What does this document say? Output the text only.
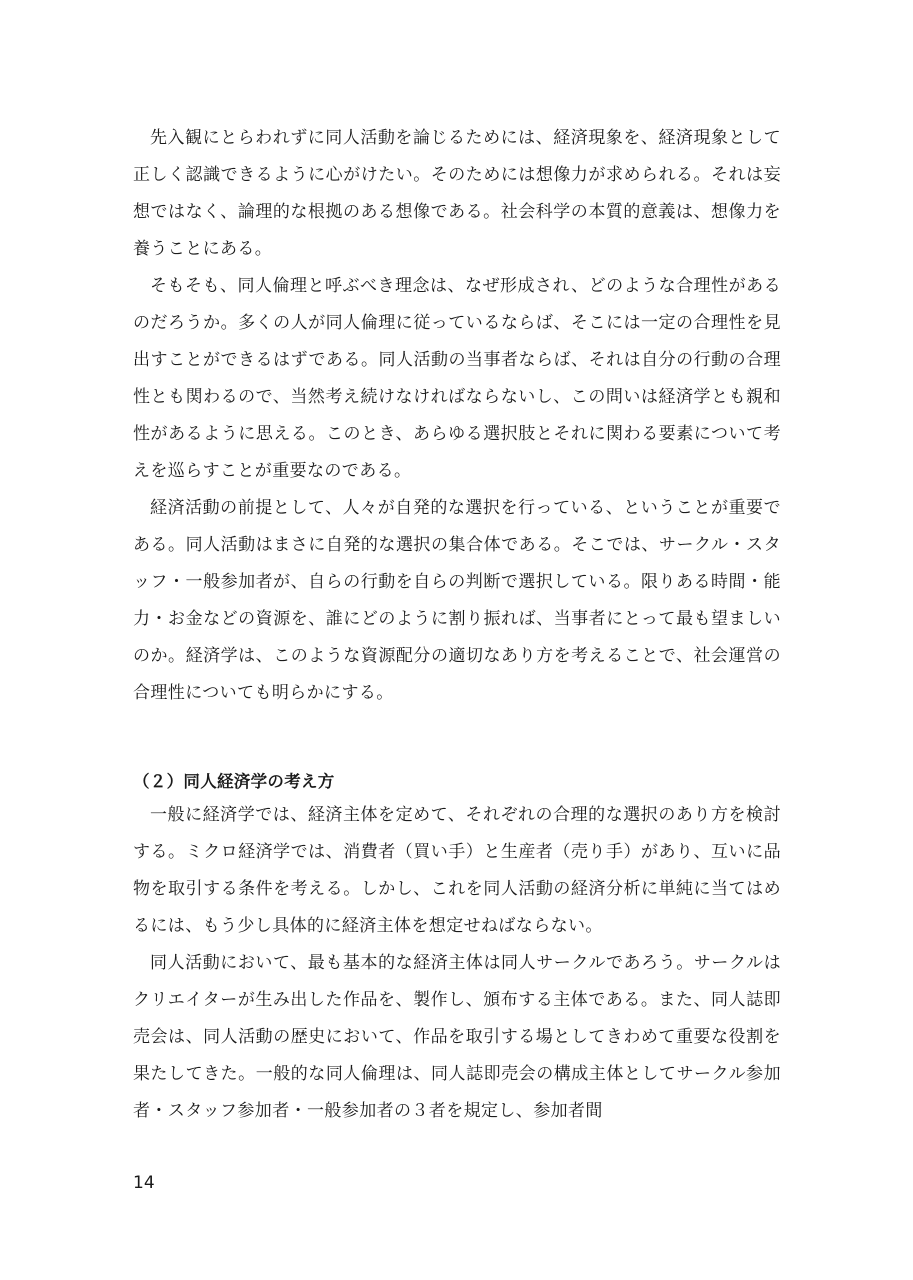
先入観にとらわれずに同人活動を論じるためには、経済現象を、経済現象として正しく認識できるように心がけたい。そのためには想像力が求められる。それは妄想ではなく、論理的な根拠のある想像である。社会科学の本質的意義は、想像力を養うことにある。

そもそも、同人倫理と呼ぶべき理念は、なぜ形成され、どのような合理性があるのだろうか。多くの人が同人倫理に従っているならば、そこには一定の合理性を見出すことができるはずである。同人活動の当事者ならば、それは自分の行動の合理性とも関わるので、当然考え続けなければならないし、この問いは経済学とも親和性があるように思える。このとき、あらゆる選択肢とそれに関わる要素について考えを巡らすことが重要なのである。

経済活動の前提として、人々が自発的な選択を行っている、ということが重要である。同人活動はまさに自発的な選択の集合体である。そこでは、サークル・スタッフ・一般参加者が、自らの行動を自らの判断で選択している。限りある時間・能力・お金などの資源を、誰にどのように割り振れば、当事者にとって最も望ましいのか。経済学は、このような資源配分の適切なあり方を考えることで、社会運営の合理性についても明らかにする。

（２）同人経済学の考え方

一般に経済学では、経済主体を定めて、それぞれの合理的な選択のあり方を検討する。ミクロ経済学では、消費者（買い手）と生産者（売り手）があり、互いに品物を取引する条件を考える。しかし、これを同人活動の経済分析に単純に当てはめるには、もう少し具体的に経済主体を想定せねばならない。

同人活動において、最も基本的な経済主体は同人サークルであろう。サークルはクリエイターが生み出した作品を、製作し、頒布する主体である。また、同人誌即売会は、同人活動の歴史において、作品を取引する場としてきわめて重要な役割を果たしてきた。一般的な同人倫理は、同人誌即売会の構成主体としてサークル参加者・スタッフ参加者・一般参加者の３者を規定し、参加者間

14
